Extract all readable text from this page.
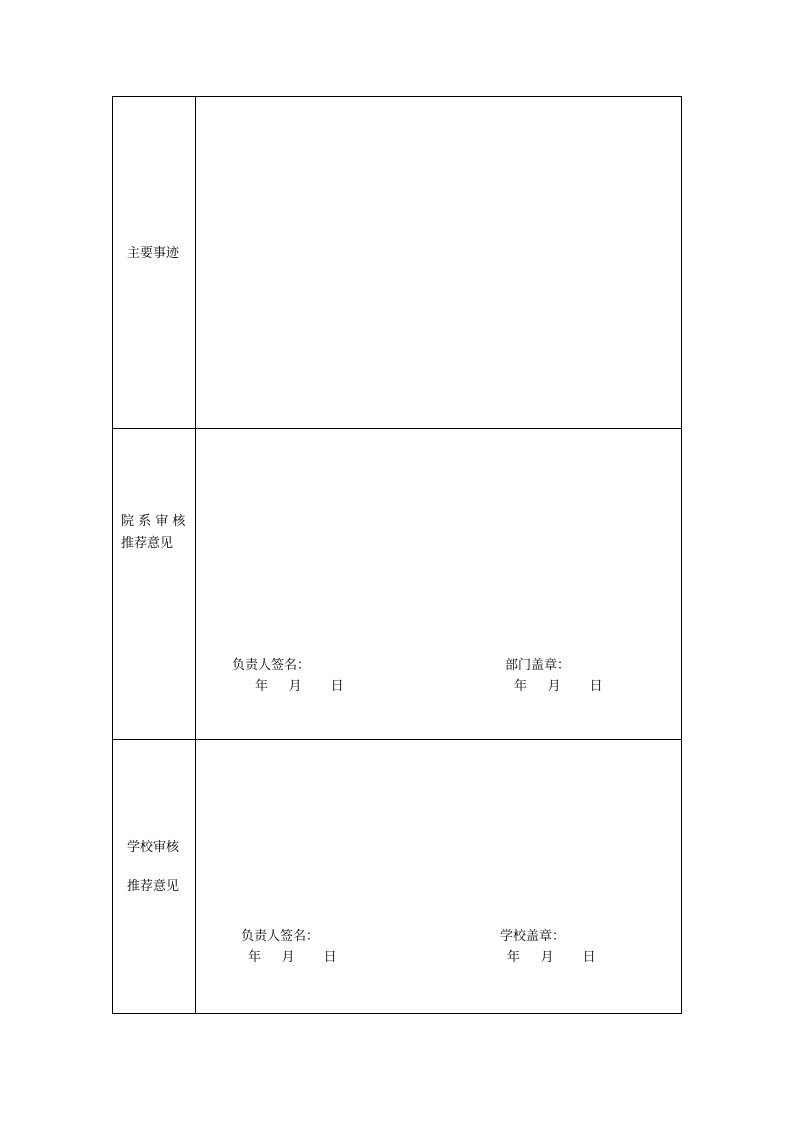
主要事迹
院 系 审 核
推荐意见
负责人签名：
年     月       日
部门盖章：
年     月       日
学校审核
推荐意见
负责人签名：
年     月       日
学校盖章：
年     月       日
